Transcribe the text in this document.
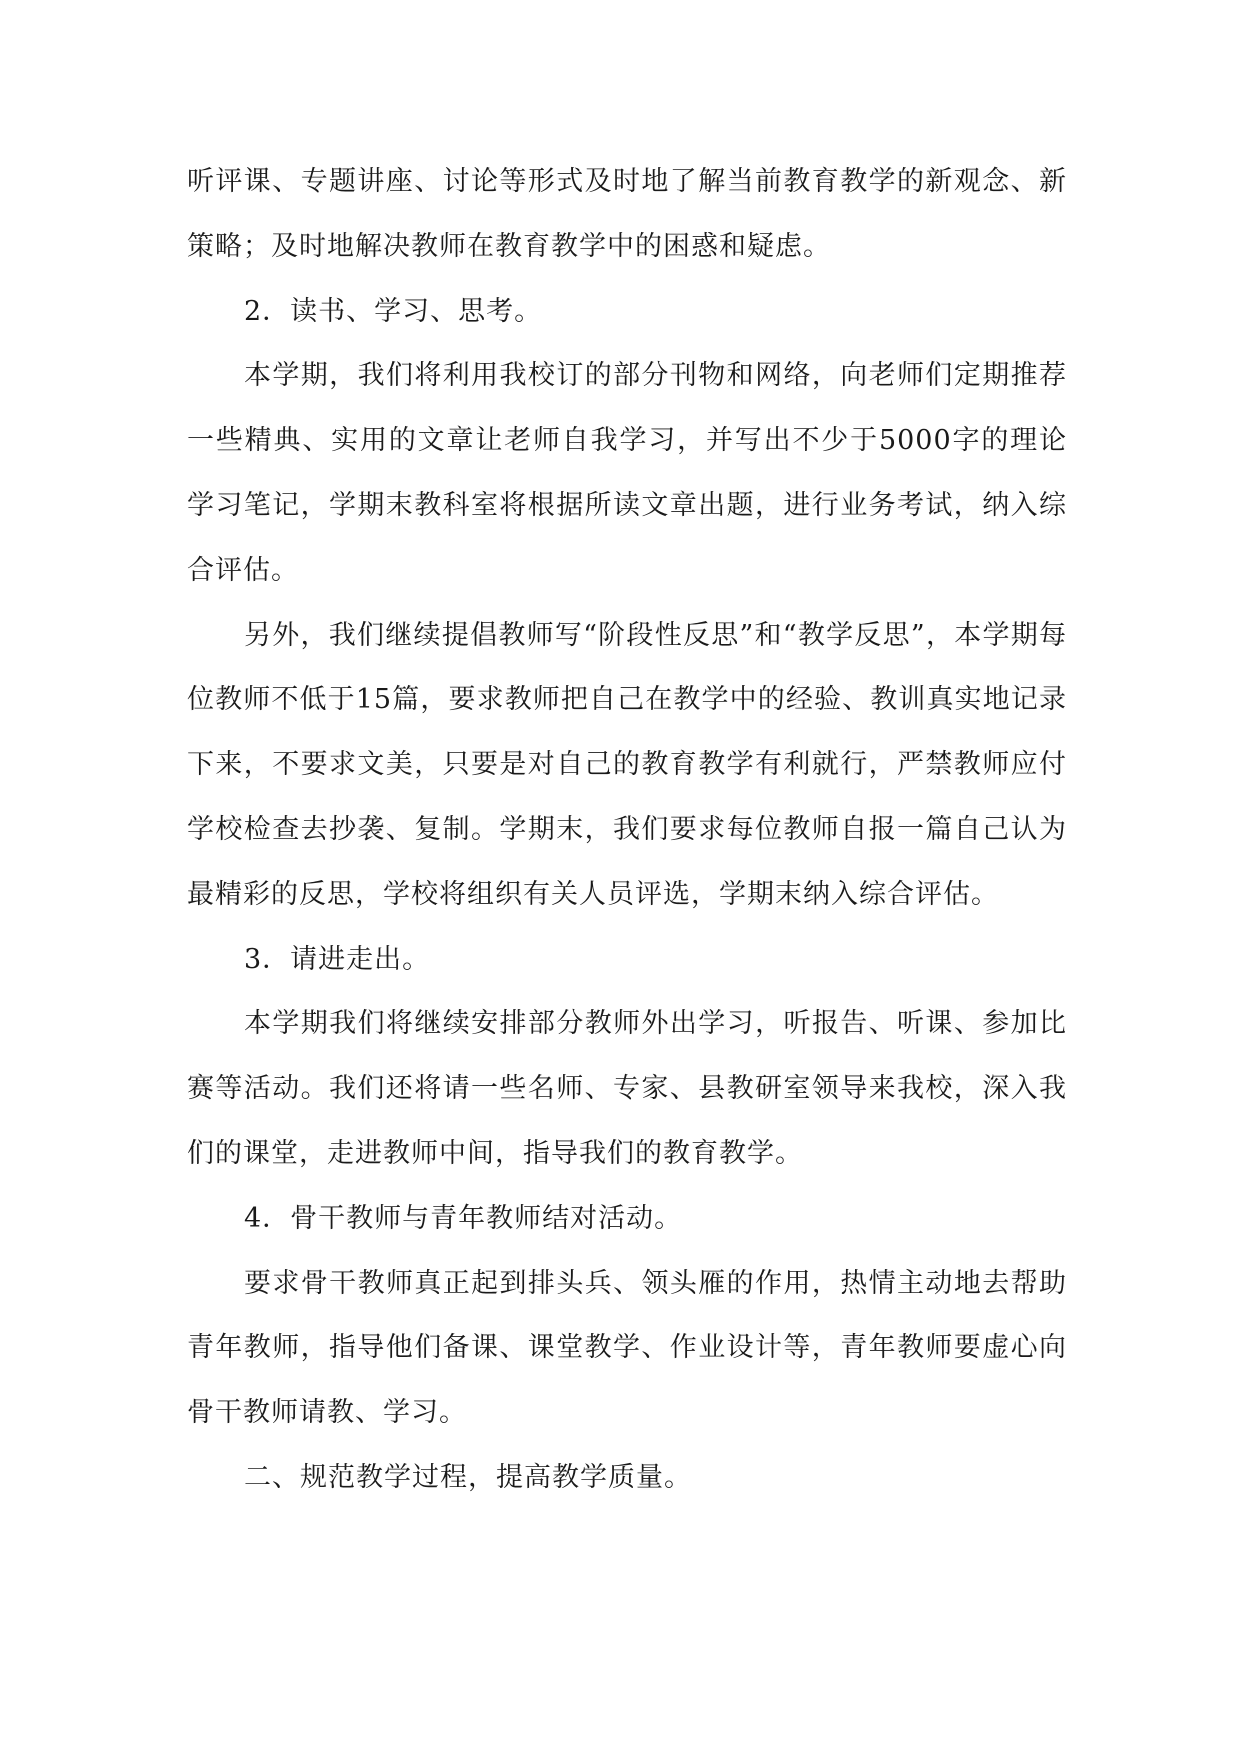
听评课、专题讲座、讨论等形式及时地了解当前教育教学的新观念、新策略；及时地解决教师在教育教学中的困惑和疑虑。

2．读书、学习、思考。

本学期，我们将利用我校订的部分刊物和网络，向老师们定期推荐一些精典、实用的文章让老师自我学习，并写出不少于5000字的理论学习笔记，学期末教科室将根据所读文章出题，进行业务考试，纳入综合评估。

另外，我们继续提倡教师写“阶段性反思”和“教学反思”，本学期每位教师不低于15篇，要求教师把自己在教学中的经验、教训真实地记录下来，不要求文美，只要是对自己的教育教学有利就行，严禁教师应付学校检查去抄袭、复制。学期末，我们要求每位教师自报一篇自己认为最精彩的反思，学校将组织有关人员评选，学期末纳入综合评估。

3．请进走出。

本学期我们将继续安排部分教师外出学习，听报告、听课、参加比赛等活动。我们还将请一些名师、专家、县教研室领导来我校，深入我们的课堂，走进教师中间，指导我们的教育教学。

4．骨干教师与青年教师结对活动。

要求骨干教师真正起到排头兵、领头雁的作用，热情主动地去帮助青年教师，指导他们备课、课堂教学、作业设计等，青年教师要虚心向骨干教师请教、学习。

二、规范教学过程，提高教学质量。
